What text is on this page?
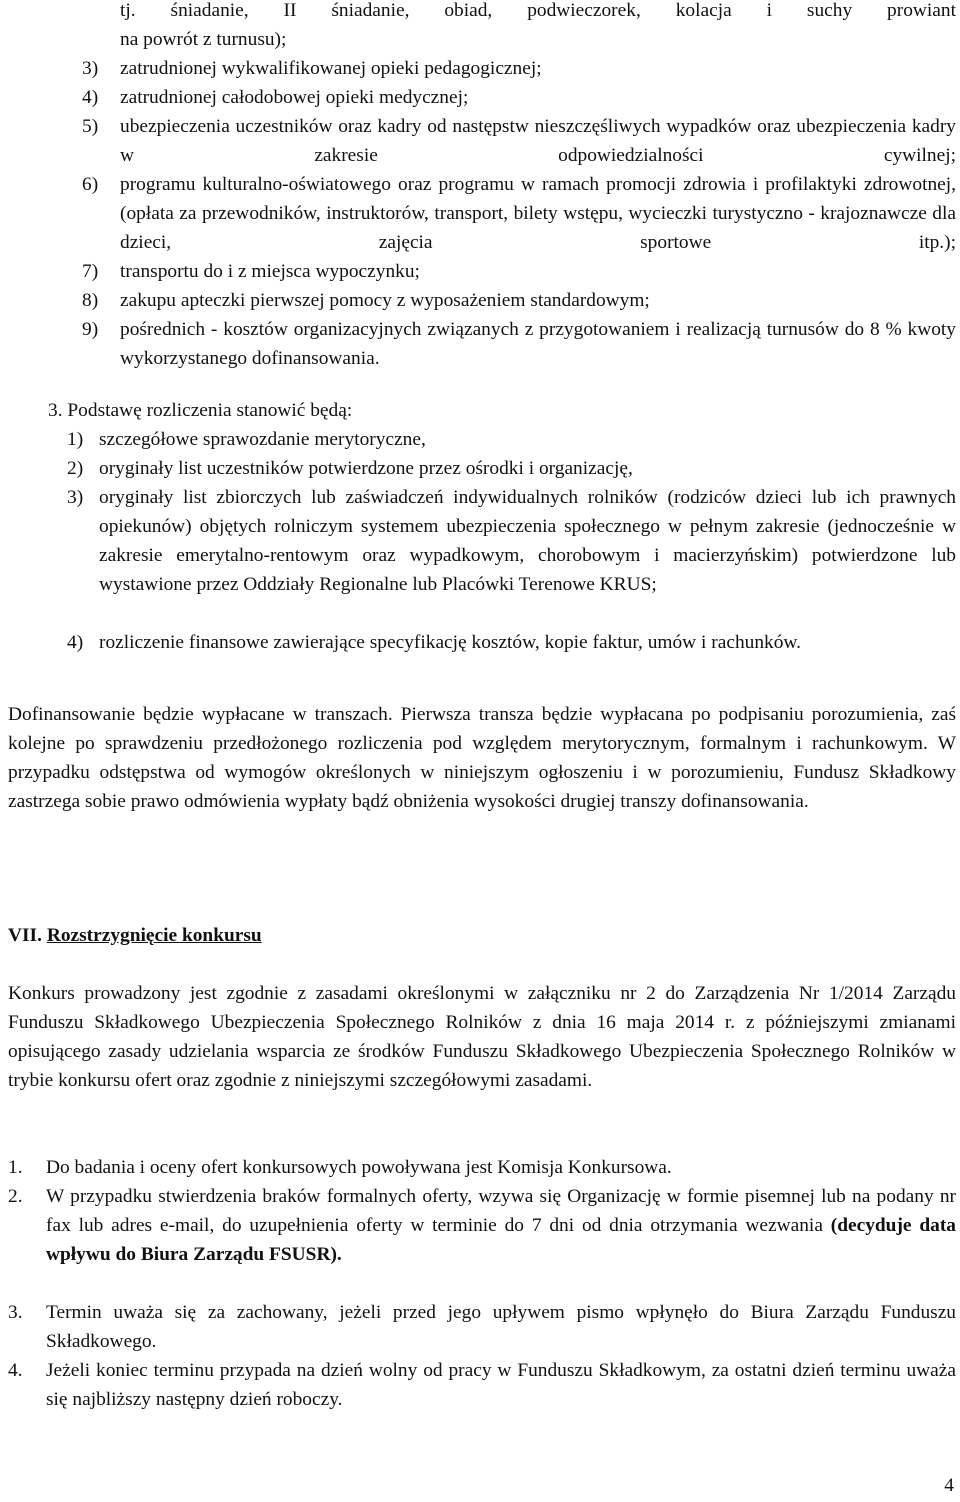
tj. śniadanie, II śniadanie, obiad, podwieczorek, kolacja i suchy prowiant
na powrót z turnusu);
3) zatrudnionej wykwalifikowanej opieki pedagogicznej;
4) zatrudnionej całodobowej opieki medycznej;
5) ubezpieczenia uczestników oraz kadry od następstw nieszczęśliwych wypadków oraz ubezpieczenia kadry w zakresie odpowiedzialności cywilnej;
6) programu kulturalno-oświatowego oraz programu w ramach promocji zdrowia i profilaktyki zdrowotnej, (opłata za przewodników, instruktorów, transport, bilety wstępu, wycieczki turystyczno - krajoznawcze dla dzieci, zajęcia sportowe itp.);
7) transportu do i z miejsca wypoczynku;
8) zakupu apteczki pierwszej pomocy z wyposażeniem standardowym;
9) pośrednich - kosztów organizacyjnych związanych z przygotowaniem i realizacją turnusów do 8 % kwoty wykorzystanego dofinansowania.
3. Podstawę rozliczenia stanowić będą:
1) szczegółowe sprawozdanie merytoryczne,
2) oryginały list uczestników potwierdzone przez ośrodki i organizację,
3) oryginały list zbiorczych lub zaświadczeń indywidualnych rolników (rodziców dzieci lub ich prawnych opiekunów) objętych rolniczym systemem ubezpieczenia społecznego w pełnym zakresie (jednocześnie w zakresie emerytalno-rentowym oraz wypadkowym, chorobowym i macierzyńskim) potwierdzone lub wystawione przez Oddziały Regionalne lub Placówki Terenowe KRUS;
4) rozliczenie finansowe zawierające specyfikację kosztów, kopie faktur, umów i rachunków.
Dofinansowanie będzie wypłacane w transzach. Pierwsza transza będzie wypłacana po podpisaniu porozumienia, zaś kolejne po sprawdzeniu przedłożonego rozliczenia pod względem merytorycznym, formalnym i rachunkowym. W przypadku odstępstwa od wymogów określonych w niniejszym ogłoszeniu i w porozumieniu, Fundusz Składkowy zastrzega sobie prawo odmówienia wypłaty bądź obniżenia wysokości drugiej transzy dofinansowania.
VII. Rozstrzygnięcie konkursu
Konkurs prowadzony jest zgodnie z zasadami określonymi w załączniku nr 2 do Zarządzenia Nr 1/2014 Zarządu Funduszu Składkowego Ubezpieczenia Społecznego Rolników z dnia 16 maja 2014 r. z późniejszymi zmianami opisującego zasady udzielania wsparcia ze środków Funduszu Składkowego Ubezpieczenia Społecznego Rolników w trybie konkursu ofert oraz zgodnie z niniejszymi szczegółowymi zasadami.
1. Do badania i oceny ofert konkursowych powoływana jest Komisja Konkursowa.
2. W przypadku stwierdzenia braków formalnych oferty, wzywa się Organizację w formie pisemnej lub na podany nr fax lub adres e-mail, do uzupełnienia oferty w terminie do 7 dni od dnia otrzymania wezwania (decyduje data wpływu do Biura Zarządu FSUSR).
3. Termin uważa się za zachowany, jeżeli przed jego upływem pismo wpłynęło do Biura Zarządu Funduszu Składkowego.
4. Jeżeli koniec terminu przypada na dzień wolny od pracy w Funduszu Składkowym, za ostatni dzień terminu uważa się najbliższy następny dzień roboczy.
4
